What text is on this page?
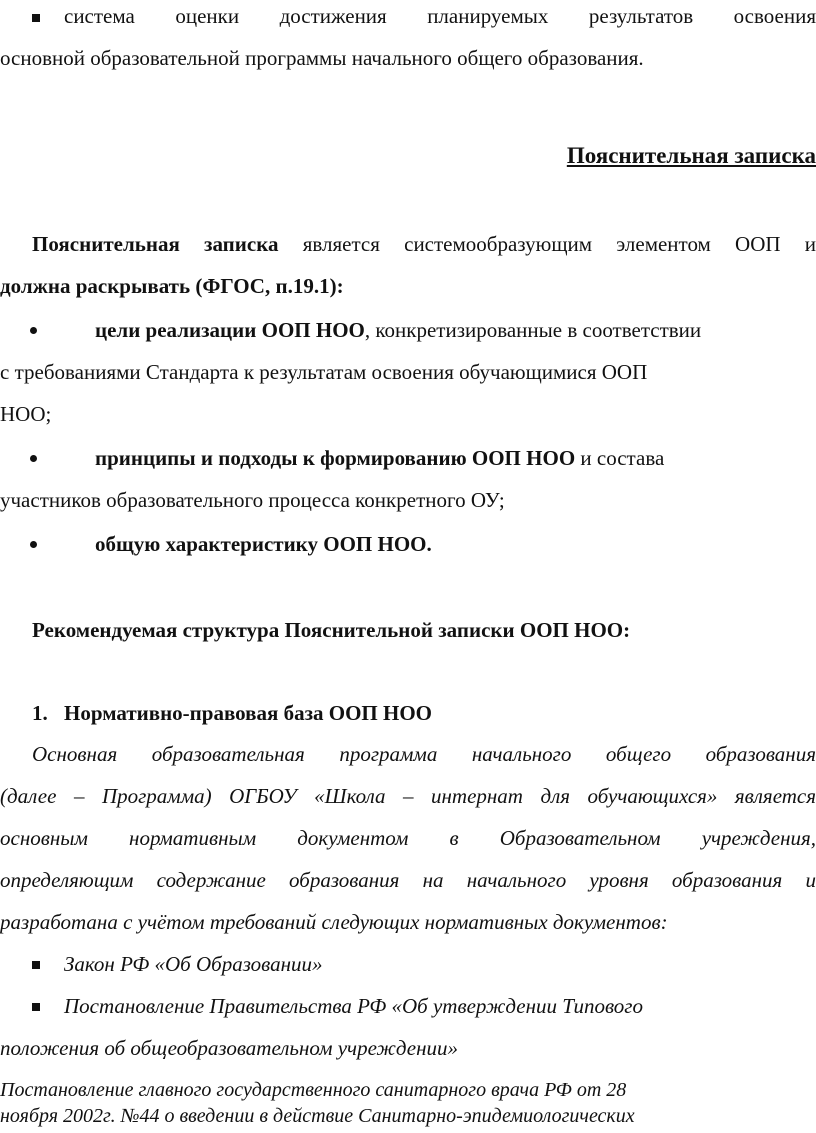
система оценки достижения планируемых результатов освоения
основной образовательной программы начального общего образования.
Пояснительная записка
Пояснительная записка является системообразующим элементом ООП и
должна раскрывать (ФГОС, п.19.1):
цели реализации ООП НОО, конкретизированные в соответствии
с требованиями Стандарта к результатам освоения обучающимися ООП
НОО;
принципы и подходы к формированию ООП НОО и состава
участников образовательного процесса конкретного ОУ;
общую характеристику ООП НОО.
Рекомендуемая структура Пояснительной записки ООП НОО:
1. Нормативно-правовая база ООП НОО
Основная образовательная программа начального общего образования
(далее – Программа) ОГБОУ «Школа – интернат для обучающихся» является
основным нормативным документом в Образовательном учреждения,
определяющим содержание образования на начального уровня образования и
разработана с учётом требований следующих нормативных документов:
Закон РФ «Об Образовании»
Постановление Правительства РФ «Об утверждении Типового
положения об общеобразовательном учреждении»
Постановление главного государственного санитарного врача РФ от 28
ноября 2002г. №44 о введении в действие Санитарно-эпидемиологических
